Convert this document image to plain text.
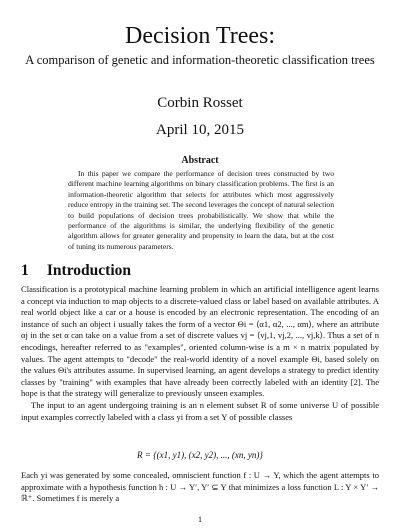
Decision Trees:
A comparison of genetic and information-theoretic classification trees
Corbin Rosset
April 10, 2015
Abstract

In this paper we compare the performance of decision trees constructed by two different machine learning algorithms on binary classification problems. The first is an information-theoretic algorithm that selects for attributes which most aggressively reduce entropy in the training set. The second leverages the concept of natural selection to build populations of decision trees probabilistically. We show that while the performance of the algorithms is similar, the underlying flexibility of the genetic algorithm allows for greater generality and propensity to learn the data, but at the cost of tuning its numerous parameters.

1 Introduction

Classification is a prototypical machine learning problem in which an artificial intelligence agent learns a concept via induction to map objects to a discrete-valued class or label based on available attributes. A real world object like a car or a house is encoded by an electronic representation. The encoding of an instance of such an object i usually takes the form of a vector Θi = ⟨α1, α2, ..., αm⟩, where an attribute αj in the set α can take on a value from a set of discrete values vj = ⟨vj,1, vj,2, ..., vj,k⟩. Thus a set of n encodings, hereafter referred to as "examples", oriented column-wise is a m × n matrix populated by values. The agent attempts to "decode" the real-world identity of a novel example Θi, based solely on the values Θi's attributes assume. In supervised learning, an agent develops a strategy to predict identity classes by "training" with examples that have already been correctly labeled with an identity [2]. The hope is that the strategy will generalize to previously unseen examples.

The input to an agent undergoing training is an n element subset R of some universe U of possible input examples correctly labeled with a class yi from a set Y of possible classes

R = {(x1, y1), (x2, y2), ..., (xn, yn)}

Each yi was generated by some concealed, omniscient function f : U → Y, which the agent attempts to approximate with a hypothesis function h : U → Y′, Y′ ⊆ Y that minimizes a loss function L : Y × Y′ → ℝ⁺. Sometimes f is merely a

1
